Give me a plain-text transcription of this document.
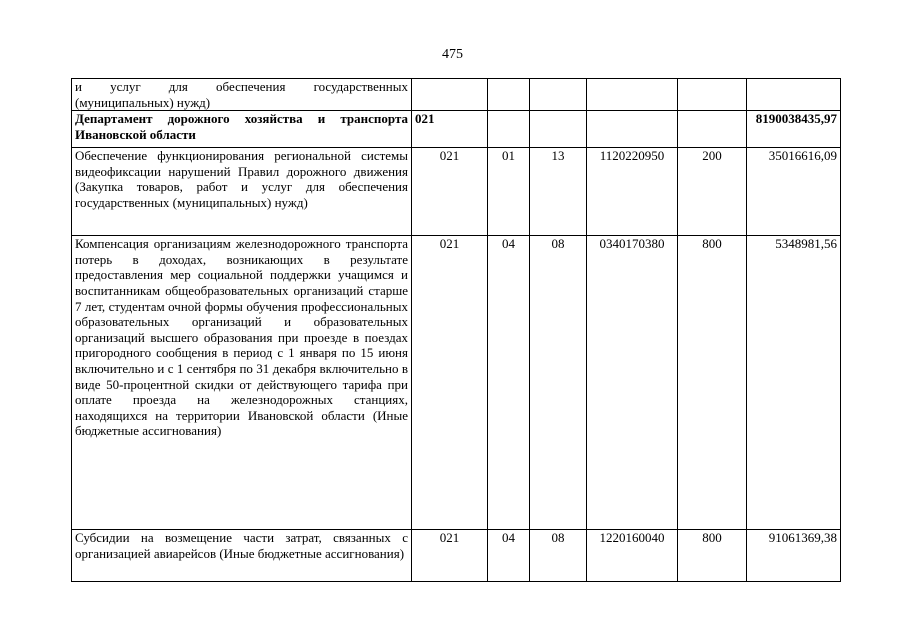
475
и услуг для обеспечения государственных (муниципальных) нужд)						
Департамент дорожного хозяйства и транспорта Ивановской области	021					8190038435,97
Обеспечение функционирования региональной системы видеофиксации нарушений Правил дорожного движения (Закупка товаров, работ и услуг для обеспечения государственных (муниципальных) нужд)	021	01	13	1120220950	200	35016616,09
Компенсация организациям железнодорожного транспорта потерь в доходах, возникающих в результате предоставления мер социальной поддержки учащимся и воспитанникам общеобразовательных организаций старше 7 лет, студентам очной формы обучения профессиональных образовательных организаций и образовательных организаций высшего образования при проезде в поездах пригородного сообщения в период с 1 января по 15 июня включительно и с 1 сентября по 31 декабря включительно в виде 50-процентной скидки от действующего тарифа при оплате проезда на железнодорожных станциях, находящихся на территории Ивановской области (Иные бюджетные ассигнования)	021	04	08	0340170380	800	5348981,56
Субсидии на возмещение части затрат, связанных с организацией авиарейсов (Иные бюджетные ассигнования)	021	04	08	1220160040	800	91061369,38
